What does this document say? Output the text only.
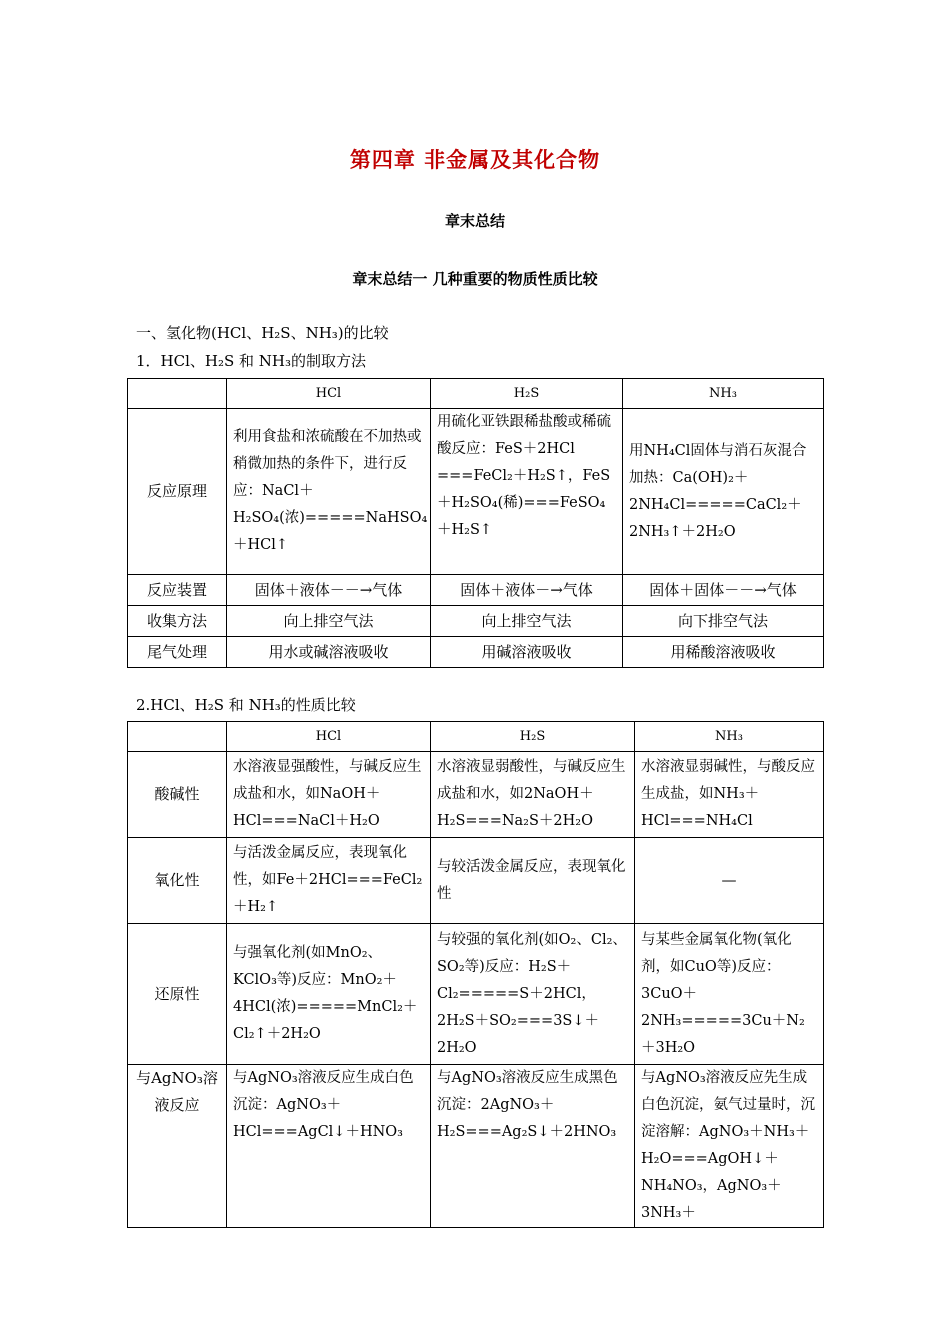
第四章 非金属及其化合物
章末总结
章末总结一 几种重要的物质性质比较
一、氢化物(HCl、H₂S、NH₃)的比较
1．HCl、H₂S 和 NH₃的制取方法
	HCl	H₂S	NH₃
反应原理	利用食盐和浓硫酸在不加热或稍微加热的条件下，进行反应：NaCl＋H₂SO₄(浓)=====NaHSO₄＋HCl↑	用硫化亚铁跟稀盐酸或稀硫酸反应：FeS＋2HCl ===FeCl₂＋H₂S↑，FeS＋H₂SO₄(稀)===FeSO₄＋H₂S↑	用NH₄Cl固体与消石灰混合加热：Ca(OH)₂＋2NH₄Cl=====CaCl₂＋2NH₃↑＋2H₂O
反应装置	固体＋液体－－→气体	固体＋液体－→气体	固体＋固体－－→气体
收集方法	向上排空气法	向上排空气法	向下排空气法
尾气处理	用水或碱溶液吸收	用碱溶液吸收	用稀酸溶液吸收
2.HCl、H₂S 和 NH₃的性质比较
	HCl	H₂S	NH₃
酸碱性	水溶液显强酸性，与碱反应生成盐和水，如NaOH＋HCl===NaCl＋H₂O	水溶液显弱酸性，与碱反应生成盐和水，如2NaOH＋H₂S===Na₂S＋2H₂O	水溶液显弱碱性，与酸反应生成盐，如NH₃＋HCl===NH₄Cl
氧化性	与活泼金属反应，表现氧化性，如Fe＋2HCl===FeCl₂＋H₂↑	与较活泼金属反应，表现氧化性	—
还原性	与强氧化剂(如MnO₂、KClO₃等)反应：MnO₂＋4HCl(浓)=====MnCl₂＋Cl₂↑＋2H₂O	与较强的氧化剂(如O₂、Cl₂、SO₂等)反应：H₂S＋Cl₂=====S＋2HCl，2H₂S＋SO₂===3S↓＋2H₂O	与某些金属氧化物(氧化剂，如CuO等)反应：3CuO＋2NH₃=====3Cu＋N₂＋3H₂O
与AgNO₃溶液反应	与AgNO₃溶液反应生成白色沉淀：AgNO₃＋HCl===AgCl↓＋HNO₃	与AgNO₃溶液反应生成黑色沉淀：2AgNO₃＋H₂S===Ag₂S↓＋2HNO₃	与AgNO₃溶液反应先生成白色沉淀，氨气过量时，沉淀溶解：AgNO₃＋NH₃＋H₂O===AgOH↓＋NH₄NO₃，AgNO₃＋3NH₃＋
